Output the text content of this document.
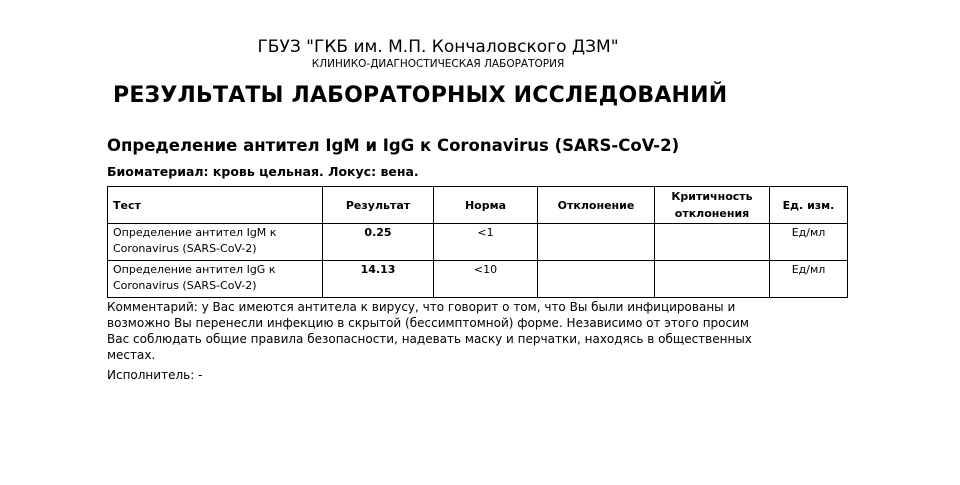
ГБУЗ "ГКБ им. М.П. Кончаловского ДЗМ"
КЛИНИКО-ДИАГНОСТИЧЕСКАЯ ЛАБОРАТОРИЯ
РЕЗУЛЬТАТЫ ЛАБОРАТОРНЫХ ИССЛЕДОВАНИЙ
Определение антител IgM и IgG к Coronavirus (SARS-CoV-2)
Биоматериал: кровь цельная. Локус: вена.
Тест	Результат	Норма	Отклонение	Критичность отклонения	Ед. изм.
Определение антител IgM к Coronavirus (SARS-CoV-2)	0.25	<1			Ед/мл
Определение антител IgG к Coronavirus (SARS-CoV-2)	14.13	<10			Ед/мл
Комментарий: у Вас имеются антитела к вирусу, что говорит о том, что Вы были инфицированы и возможно Вы перенесли инфекцию в скрытой (бессимптомной) форме. Независимо от этого просим Вас соблюдать общие правила безопасности, надевать маску и перчатки, находясь в общественных местах.
Исполнитель: -
